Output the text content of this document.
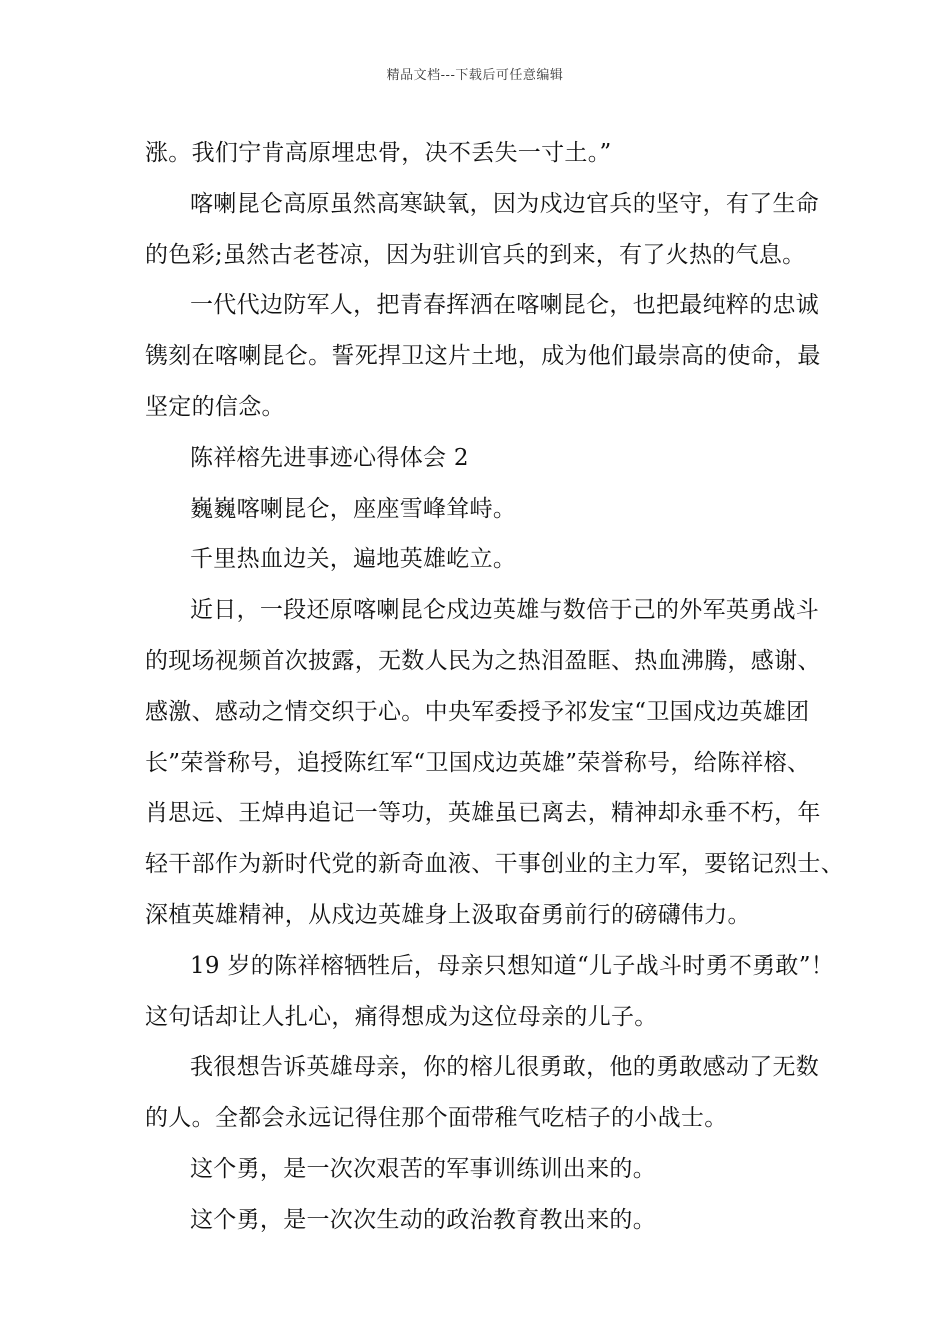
精品文档---下载后可任意编辑
涨。我们宁肯高原埋忠骨，决不丢失一寸土。”
喀喇昆仑高原虽然高寒缺氧，因为戍边官兵的坚守，有了生命
的色彩;虽然古老苍凉，因为驻训官兵的到来，有了火热的气息。
一代代边防军人，把青春挥洒在喀喇昆仑，也把最纯粹的忠诚
镌刻在喀喇昆仑。誓死捍卫这片土地，成为他们最崇高的使命，最
坚定的信念。
陈祥榕先进事迹心得体会 2
巍巍喀喇昆仑，座座雪峰耸峙。
千里热血边关，遍地英雄屹立。
近日，一段还原喀喇昆仑戍边英雄与数倍于己的外军英勇战斗
的现场视频首次披露，无数人民为之热泪盈眶、热血沸腾，感谢、
感激、感动之情交织于心。中央军委授予祁发宝“卫国戍边英雄团
长”荣誉称号，追授陈红军“卫国戍边英雄”荣誉称号，给陈祥榕、
肖思远、王焯冉追记一等功，英雄虽已离去，精神却永垂不朽，年
轻干部作为新时代党的新奇血液、干事创业的主力军，要铭记烈士、
深植英雄精神，从戍边英雄身上汲取奋勇前行的磅礴伟力。
19 岁的陈祥榕牺牲后，母亲只想知道“儿子战斗时勇不勇敢”！
这句话却让人扎心，痛得想成为这位母亲的儿子。
我很想告诉英雄母亲，你的榕儿很勇敢，他的勇敢感动了无数
的人。全都会永远记得住那个面带稚气吃桔子的小战士。
这个勇，是一次次艰苦的军事训练训出来的。
这个勇，是一次次生动的政治教育教出来的。
